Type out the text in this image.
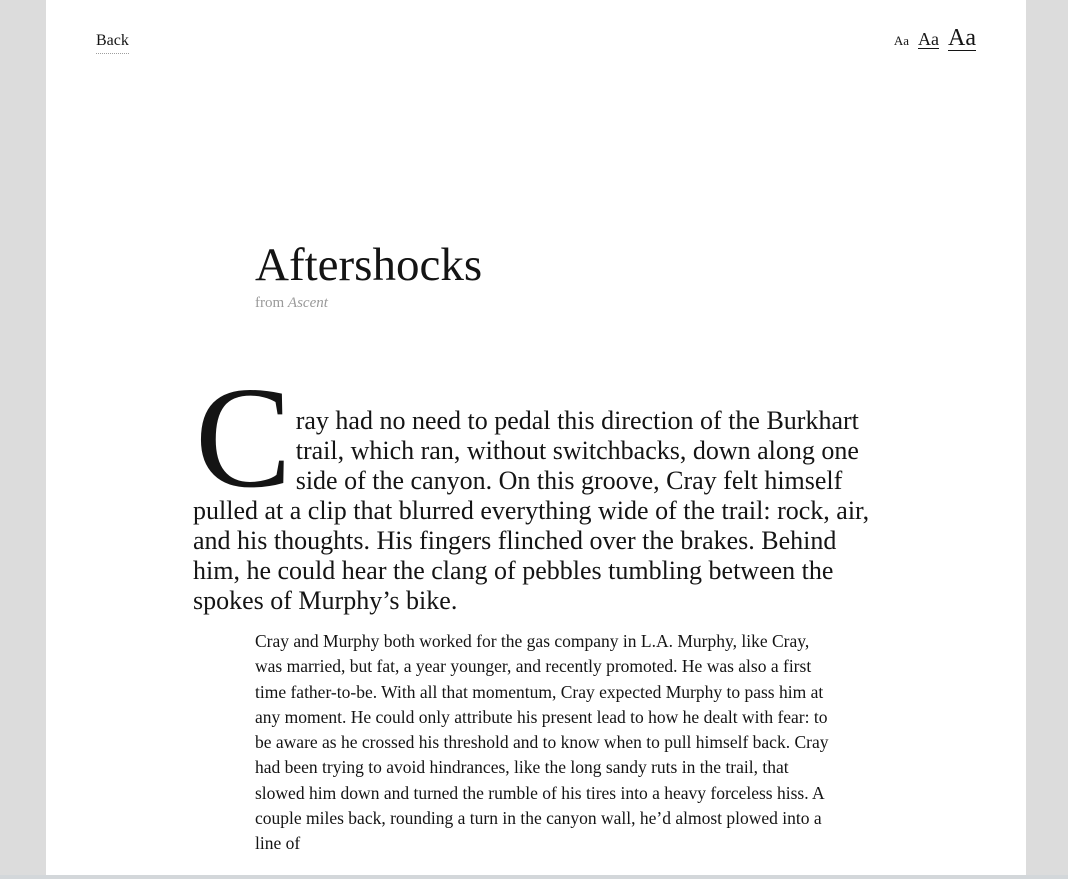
Back	Aa Aa Aa
Aftershocks

from Ascent

Cray had no need to pedal this direction of the Burkhart trail, which ran, without switchbacks, down along one side of the canyon. On this groove, Cray felt himself pulled at a clip that blurred everything wide of the trail: rock, air, and his thoughts. His fingers flinched over the brakes. Behind him, he could hear the clang of pebbles tumbling between the spokes of Murphy’s bike.

Cray and Murphy both worked for the gas company in L.A. Murphy, like Cray, was married, but fat, a year younger, and recently promoted. He was also a first time father-to-be. With all that momentum, Cray expected Murphy to pass him at any moment. He could only attribute his present lead to how he dealt with fear: to be aware as he crossed his threshold and to know when to pull himself back. Cray had been trying to avoid hindrances, like the long sandy ruts in the trail, that slowed him down and turned the rumble of his tires into a heavy forceless hiss. A couple miles back, rounding a turn in the canyon wall, he’d almost plowed into a line of
